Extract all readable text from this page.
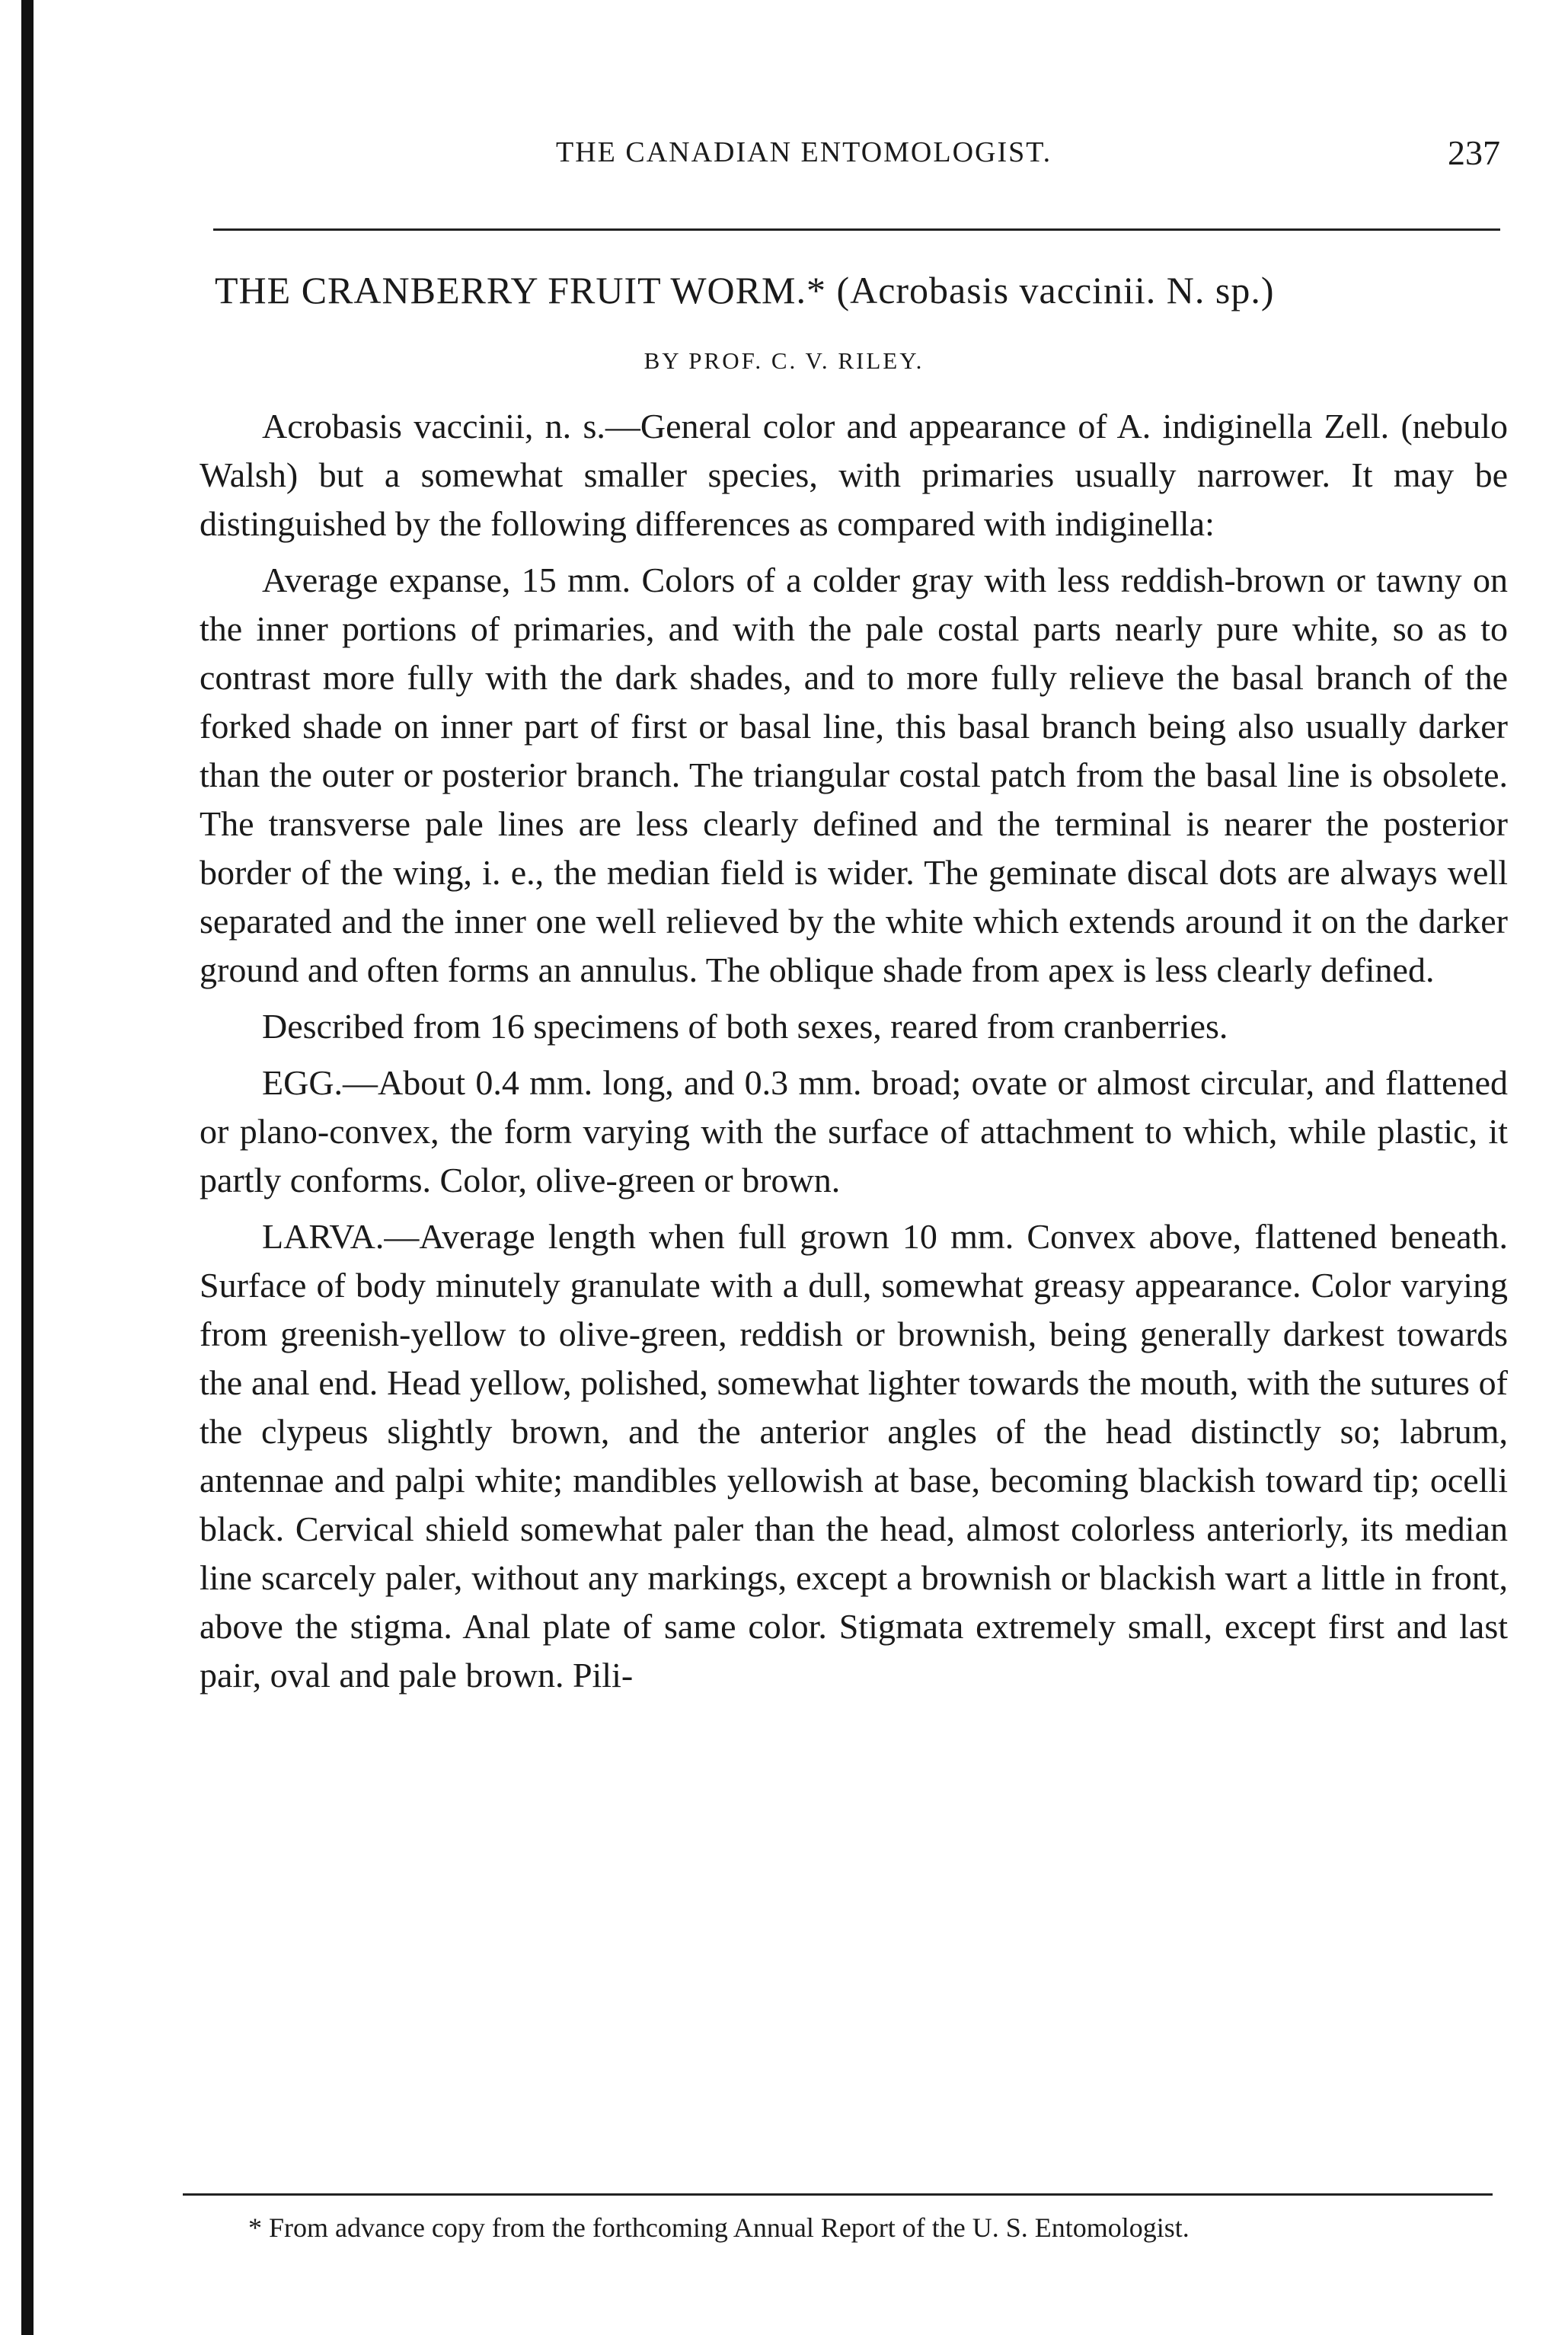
THE CANADIAN ENTOMOLOGIST.	237
THE CRANBERRY FRUIT WORM.* (Acrobasis vaccinii. N. sp.)
BY PROF. C. V. RILEY.

Acrobasis vaccinii, n. s.—General color and appearance of A. indiginella Zell. (nebulo Walsh) but a somewhat smaller species, with primaries usually narrower. It may be distinguished by the following differences as compared with indiginella:

Average expanse, 15 mm. Colors of a colder gray with less reddish-brown or tawny on the inner portions of primaries, and with the pale costal parts nearly pure white, so as to contrast more fully with the dark shades, and to more fully relieve the basal branch of the forked shade on inner part of first or basal line, this basal branch being also usually darker than the outer or posterior branch. The triangular costal patch from the basal line is obsolete. The transverse pale lines are less clearly defined and the terminal is nearer the posterior border of the wing, i. e., the median field is wider. The geminate discal dots are always well separated and the inner one well relieved by the white which extends around it on the darker ground and often forms an annulus. The oblique shade from apex is less clearly defined.

Described from 16 specimens of both sexes, reared from cranberries.

EGG.—About 0.4 mm. long, and 0.3 mm. broad; ovate or almost circular, and flattened or plano-convex, the form varying with the surface of attachment to which, while plastic, it partly conforms. Color, olive-green or brown.

LARVA.—Average length when full grown 10 mm. Convex above, flattened beneath. Surface of body minutely granulate with a dull, somewhat greasy appearance. Color varying from greenish-yellow to olive-green, reddish or brownish, being generally darkest towards the anal end. Head yellow, polished, somewhat lighter towards the mouth, with the sutures of the clypeus slightly brown, and the anterior angles of the head distinctly so; labrum, antennae and palpi white; mandibles yellowish at base, becoming blackish toward tip; ocelli black. Cervical shield somewhat paler than the head, almost colorless anteriorly, its median line scarcely paler, without any markings, except a brownish or blackish wart a little in front, above the stigma. Anal plate of same color. Stigmata extremely small, except first and last pair, oval and pale brown. Pili-

* From advance copy from the forthcoming Annual Report of the U. S. Entomologist.
